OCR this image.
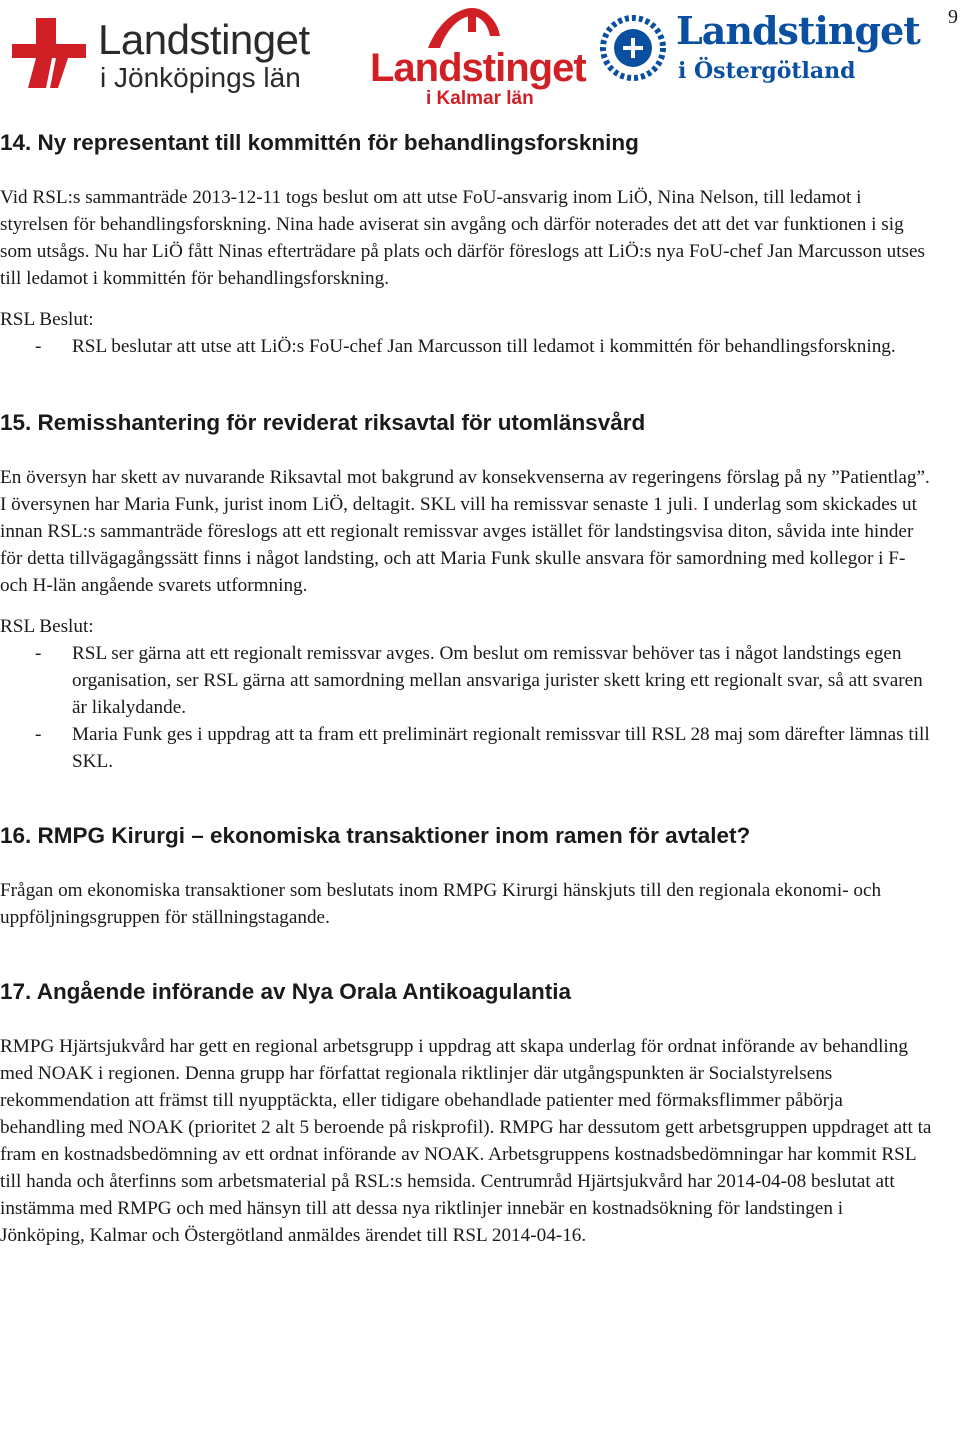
9
Landstinget
i Jönköpings län Landstinget
i Kalmar län
Landstinget
i Östergötland
14. Ny representant till kommittén för behandlingsforskning

Vid RSL:s sammanträde 2013-12-11 togs beslut om att utse FoU-ansvarig inom LiÖ, Nina Nelson, till ledamot i styrelsen för behandlingsforskning. Nina hade aviserat sin avgång och därför noterades det att det var funktionen i sig som utsågs. Nu har LiÖ fått Ninas efterträdare på plats och därför föreslogs att LiÖ:s nya FoU-chef Jan Marcusson utses till ledamot i kommittén för behandlingsforskning.

RSL Beslut:

- RSL beslutar att utse att LiÖ:s FoU-chef Jan Marcusson till ledamot i kommittén för behandlingsforskning.
15. Remisshantering för reviderat riksavtal för utomlänsvård

En översyn har skett av nuvarande Riksavtal mot bakgrund av konsekvenserna av regeringens förslag på ny ”Patientlag”. I översynen har Maria Funk, jurist inom LiÖ, deltagit. SKL vill ha remissvar senaste 1 juli. I underlag som skickades ut innan RSL:s sammanträde föreslogs att ett regionalt remissvar avges istället för landstingsvisa diton, såvida inte hinder för detta tillvägagångssätt finns i något landsting, och att Maria Funk skulle ansvara för samordning med kollegor i F- och H-län angående svarets utformning.

RSL Beslut:

- RSL ser gärna att ett regionalt remissvar avges. Om beslut om remissvar behöver tas i något landstings egen organisation, ser RSL gärna att samordning mellan ansvariga jurister skett kring ett regionalt svar, så att svaren är likalydande.
- Maria Funk ges i uppdrag att ta fram ett preliminärt regionalt remissvar till RSL 28 maj som därefter lämnas till SKL.
16. RMPG Kirurgi – ekonomiska transaktioner inom ramen för avtalet?

Frågan om ekonomiska transaktioner som beslutats inom RMPG Kirurgi hänskjuts till den regionala ekonomi- och uppföljningsgruppen för ställningstagande.

17. Angående införande av Nya Orala Antikoagulantia

RMPG Hjärtsjukvård har gett en regional arbetsgrupp i uppdrag att skapa underlag för ordnat införande av behandling med NOAK i regionen. Denna grupp har författat regionala riktlinjer där utgångspunkten är Socialstyrelsens rekommendation att främst till nyupptäckta, eller tidigare obehandlade patienter med förmaksflimmer påbörja behandling med NOAK (prioritet 2 alt 5 beroende på riskprofil). RMPG har dessutom gett arbetsgruppen uppdraget att ta fram en kostnadsbedömning av ett ordnat införande av NOAK. Arbetsgruppens kostnadsbedömningar har kommit RSL till handa och återfinns som arbetsmaterial på RSL:s hemsida. Centrumråd Hjärtsjukvård har 2014-04-08 beslutat att instämma med RMPG och med hänsyn till att dessa nya riktlinjer innebär en kostnadsökning för landstingen i Jönköping, Kalmar och Östergötland anmäldes ärendet till RSL 2014-04-16.
